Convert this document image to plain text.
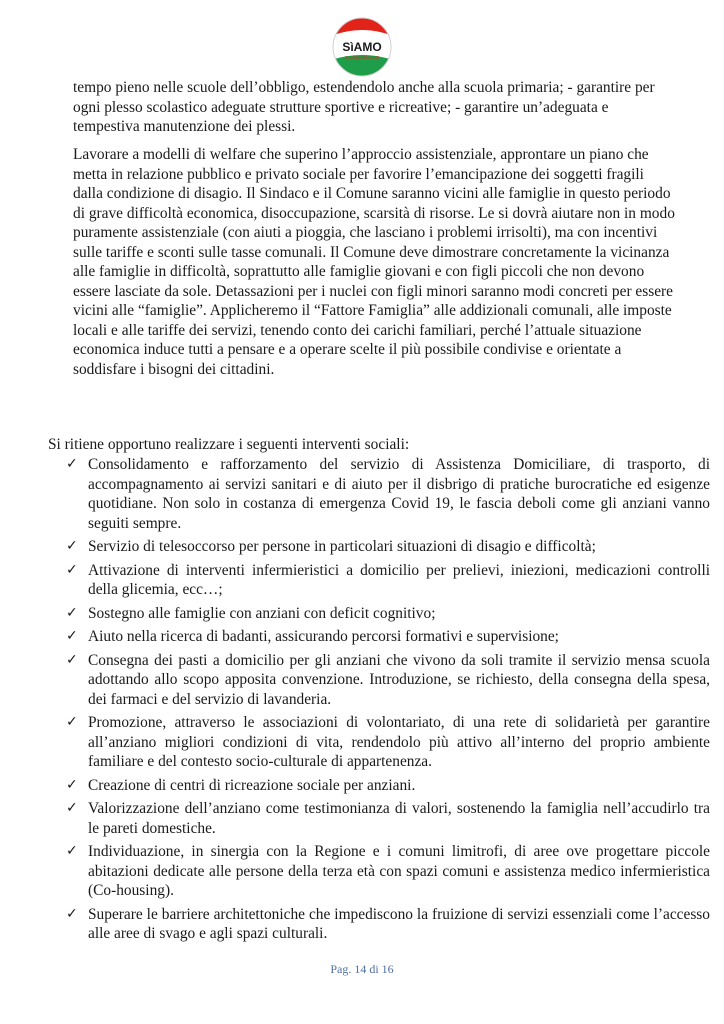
SìAMO
CASAMARCIANO

tempo pieno nelle scuole dell’obbligo, estendendolo anche alla scuola primaria; - garantire per ogni plesso scolastico adeguate strutture sportive e ricreative; - garantire un’adeguata e tempestiva manutenzione dei plessi.

Lavorare a modelli di welfare che superino l’approccio assistenziale, approntare un piano che metta in relazione pubblico e privato sociale per favorire l’emancipazione dei soggetti fragili dalla condizione di disagio. Il Sindaco e il Comune saranno vicini alle famiglie in questo periodo di grave difficoltà economica, disoccupazione, scarsità di risorse. Le si dovrà aiutare non in modo puramente assistenziale (con aiuti a pioggia, che lasciano i problemi irrisolti), ma con incentivi sulle tariffe e sconti sulle tasse comunali. Il Comune deve dimostrare concretamente la vicinanza alle famiglie in difficoltà, soprattutto alle famiglie giovani e con figli piccoli che non devono essere lasciate da sole. Detassazioni per i nuclei con figli minori saranno modi concreti per essere vicini alle “famiglie”. Applicheremo il “Fattore Famiglia” alle addizionali comunali, alle imposte locali e alle tariffe dei servizi, tenendo conto dei carichi familiari, perché l’attuale situazione economica induce tutti a pensare e a operare scelte il più possibile condivise e orientate a soddisfare i bisogni dei cittadini.

Si ritiene opportuno realizzare i seguenti interventi sociali:

✓ Consolidamento e rafforzamento del servizio di Assistenza Domiciliare, di trasporto, di accompagnamento ai servizi sanitari e di aiuto per il disbrigo di pratiche burocratiche ed esigenze quotidiane. Non solo in costanza di emergenza Covid 19, le fascia deboli come gli anziani vanno seguiti sempre.
✓ Servizio di telesoccorso per persone in particolari situazioni di disagio e difficoltà;
✓ Attivazione di interventi infermieristici a domicilio per prelievi, iniezioni, medicazioni controlli della glicemia, ecc…;
✓ Sostegno alle famiglie con anziani con deficit cognitivo;
✓ Aiuto nella ricerca di badanti, assicurando percorsi formativi e supervisione;
✓ Consegna dei pasti a domicilio per gli anziani che vivono da soli tramite il servizio mensa scuola adottando allo scopo apposita convenzione. Introduzione, se richiesto, della consegna della spesa, dei farmaci e del servizio di lavanderia.
✓ Promozione, attraverso le associazioni di volontariato, di una rete di solidarietà per garantire all’anziano migliori condizioni di vita, rendendolo più attivo all’interno del proprio ambiente familiare e del contesto socio-culturale di appartenenza.
✓ Creazione di centri di ricreazione sociale per anziani.
✓ Valorizzazione dell’anziano come testimonianza di valori, sostenendo la famiglia nell’accudirlo tra le pareti domestiche.
✓ Individuazione, in sinergia con la Regione e i comuni limitrofi, di aree ove progettare piccole abitazioni dedicate alle persone della terza età con spazi comuni e assistenza medico infermieristica (Co-housing).
✓ Superare le barriere architettoniche che impediscono la fruizione di servizi essenziali come l’accesso alle aree di svago e agli spazi culturali.
Pag. 14 di 16
